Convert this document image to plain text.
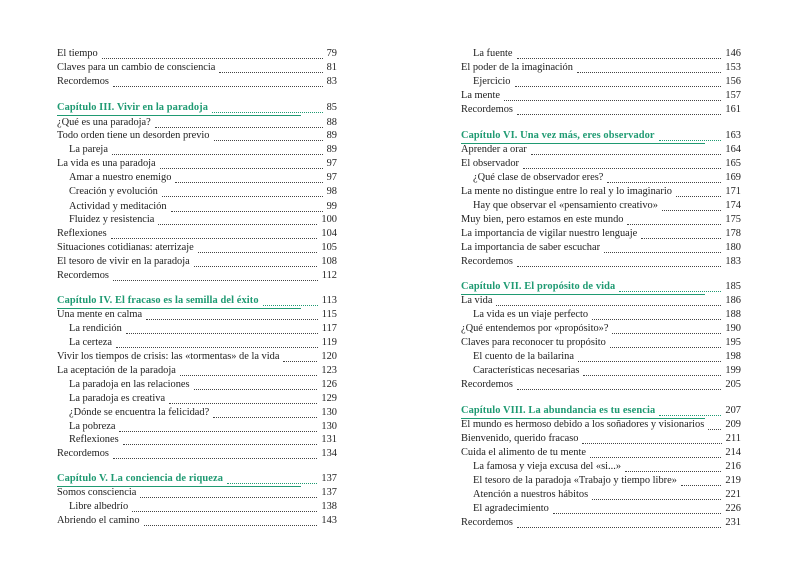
El tiempo	79
Claves para un cambio de consciencia	81
Recordemos	83
Capítulo III. Vivir en la paradoja	85
¿Qué es una paradoja?	88
Todo orden tiene un desorden previo	89
La pareja	89
La vida es una paradoja	97
Amar a nuestro enemigo	97
Creación y evolución	98
Actividad y meditación	99
Fluidez y resistencia	100
Reflexiones	104
Situaciones cotidianas: aterrizaje	105
El tesoro de vivir en la paradoja	108
Recordemos	112
Capítulo IV. El fracaso es la semilla del éxito	113
Una mente en calma	115
La rendición	117
La certeza	119
Vivir los tiempos de crisis: las «tormentas» de la vida	120
La aceptación de la paradoja	123
La paradoja en las relaciones	126
La paradoja es creativa	129
¿Dónde se encuentra la felicidad?	130
La pobreza	130
Reflexiones	131
Recordemos	134
Capítulo V. La conciencia de riqueza	137
Somos consciencia	137
Libre albedrío	138
Abriendo el camino	143
La fuente	146
El poder de la imaginación	153
Ejercicio	156
La mente	157
Recordemos	161
Capítulo VI. Una vez más, eres observador	163
Aprender a orar	164
El observador	165
¿Qué clase de observador eres?	169
La mente no distingue entre lo real y lo imaginario	171
Hay que observar el «pensamiento creativo»	174
Muy bien, pero estamos en este mundo	175
La importancia de vigilar nuestro lenguaje	178
La importancia de saber escuchar	180
Recordemos	183
Capítulo VII. El propósito de vida	185
La vida	186
La vida es un viaje perfecto	188
¿Qué entendemos por «propósito»?	190
Claves para reconocer tu propósito	195
El cuento de la bailarina	198
Características necesarias	199
Recordemos	205
Capítulo VIII. La abundancia es tu esencia	207
El mundo es hermoso debido a los soñadores y visionarios 209
Bienvenido, querido fracaso	211
Cuida el alimento de tu mente	214
La famosa y vieja excusa del «si...»	216
El tesoro de la paradoja «Trabajo y tiempo libre»	219
Atención a nuestros hábitos	221
El agradecimiento	226
Recordemos	231
